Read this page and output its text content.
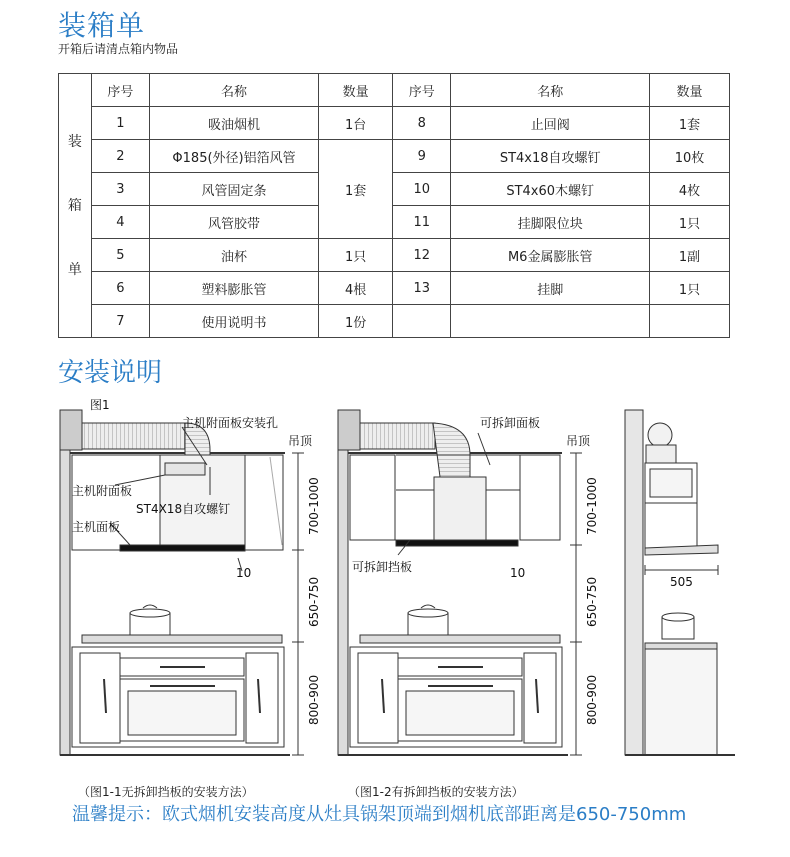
装箱单
开箱后请清点箱内物品
装

箱

单	序号	名称	数量	序号	名称	数量
	1	吸油烟机	1台	8	止回阀	1套
	2	Φ185(外径)铝箔风管	1套	9	ST4x18自攻螺钉	10枚
	3	风管固定条		10	ST4x60木螺钉	4枚
	4	风管胶带		11	挂脚限位块	1只
	5	油杯	1只	12	M6金属膨胀管	1副
	6	塑料膨胀管	4根	13	挂脚	1只
	7	使用说明书	1份			
安装说明
图1
主机附面板安装孔
吊顶
主机附面板
ST4X18自攻螺钉
主机面板
10
700-1000
650-750
800-900
可拆卸面板
吊顶
可拆卸挡板	10
700-1000
650-750
800-900
505
（图1-1无拆卸挡板的安装方法）	（图1-2有拆卸挡板的安装方法）
温馨提示：欧式烟机安装高度从灶具锅架顶端到烟机底部距离是650-750mm
